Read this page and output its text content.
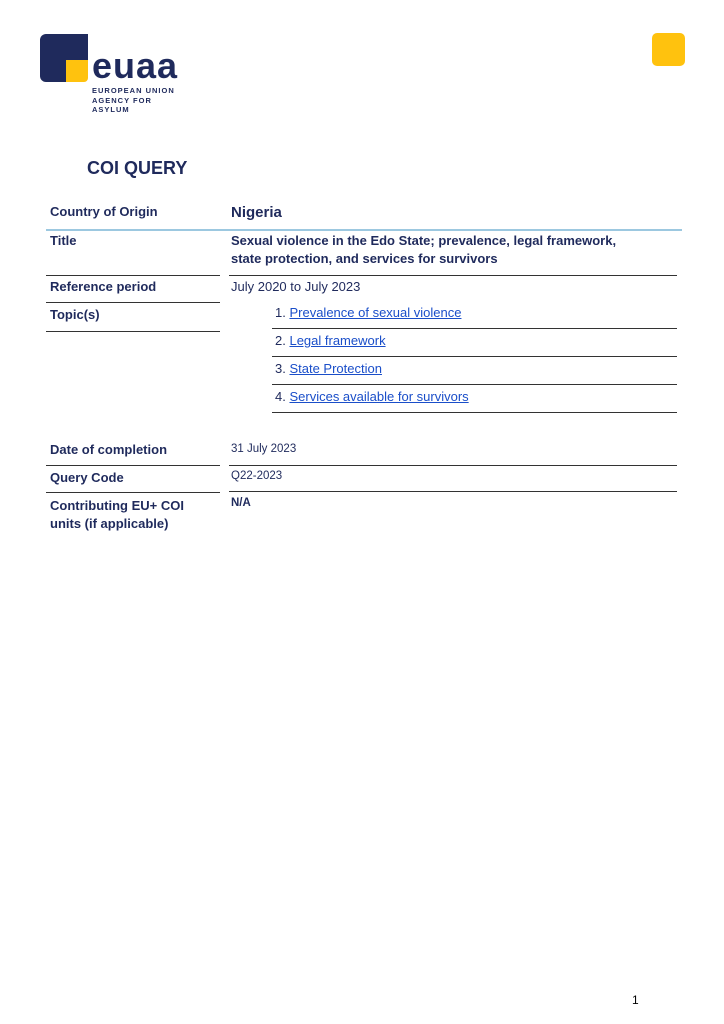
euaa
EUROPEAN UNION
AGENCY FOR ASYLUM
COI QUERY
Country of Origin	Nigeria
Title	Sexual violence in the Edo State; prevalence, legal framework,
state protection, and services for survivors
Reference period	July 2020 to July 2023
Topic(s)	1. Prevalence of sexual violence
2. Legal framework
3. State Protection
4. Services available for survivors
Date of completion	31 July 2023
Query Code	Q22-2023
Contributing EU+ COI
units (if applicable)
N/A
1
